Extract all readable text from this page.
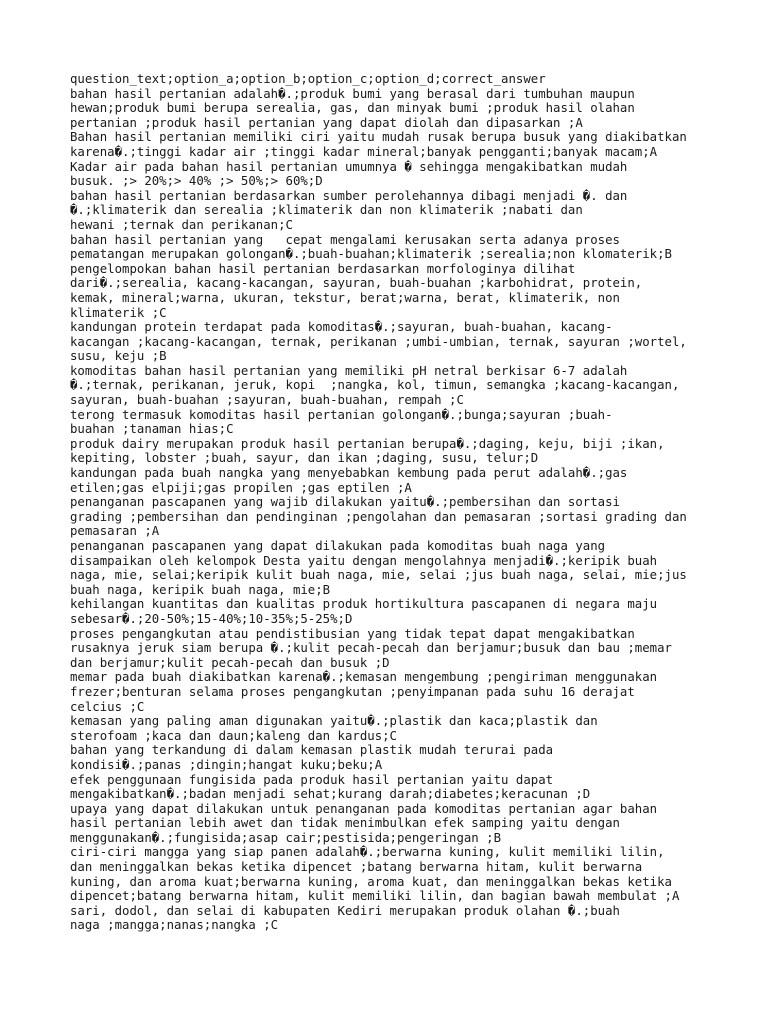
question_text;option_a;option_b;option_c;option_d;correct_answer
bahan hasil pertanian adalah�.;produk bumi yang berasal dari tumbuhan maupun
hewan;produk bumi berupa serealia, gas, dan minyak bumi ;produk hasil olahan
pertanian ;produk hasil pertanian yang dapat diolah dan dipasarkan ;A
Bahan hasil pertanian memiliki ciri yaitu mudah rusak berupa busuk yang diakibatkan
karena�.;tinggi kadar air ;tinggi kadar mineral;banyak pengganti;banyak macam;A
Kadar air pada bahan hasil pertanian umumnya � sehingga mengakibatkan mudah
busuk. ;> 20%;> 40% ;> 50%;> 60%;D
bahan hasil pertanian berdasarkan sumber perolehannya dibagi menjadi �. dan
�.;klimaterik dan serealia ;klimaterik dan non klimaterik ;nabati dan
hewani ;ternak dan perikanan;C
bahan hasil pertanian yang   cepat mengalami kerusakan serta adanya proses
pematangan merupakan golongan�.;buah-buahan;klimaterik ;serealia;non klomaterik;B
pengelompokan bahan hasil pertanian berdasarkan morfologinya dilihat
dari�.;serealia, kacang-kacangan, sayuran, buah-buahan ;karbohidrat, protein,
kemak, mineral;warna, ukuran, tekstur, berat;warna, berat, klimaterik, non
klimaterik ;C
kandungan protein terdapat pada komoditas�.;sayuran, buah-buahan, kacang-
kacangan ;kacang-kacangan, ternak, perikanan ;umbi-umbian, ternak, sayuran ;wortel,
susu, keju ;B
komoditas bahan hasil pertanian yang memiliki pH netral berkisar 6-7 adalah
�.;ternak, perikanan, jeruk, kopi  ;nangka, kol, timun, semangka ;kacang-kacangan,
sayuran, buah-buahan ;sayuran, buah-buahan, rempah ;C
terong termasuk komoditas hasil pertanian golongan�.;bunga;sayuran ;buah-
buahan ;tanaman hias;C
produk dairy merupakan produk hasil pertanian berupa�.;daging, keju, biji ;ikan,
kepiting, lobster ;buah, sayur, dan ikan ;daging, susu, telur;D
kandungan pada buah nangka yang menyebabkan kembung pada perut adalah�.;gas
etilen;gas elpiji;gas propilen ;gas eptilen ;A
penanganan pascapanen yang wajib dilakukan yaitu�.;pembersihan dan sortasi
grading ;pembersihan dan pendinginan ;pengolahan dan pemasaran ;sortasi grading dan
pemasaran ;A
penanganan pascapanen yang dapat dilakukan pada komoditas buah naga yang
disampaikan oleh kelompok Desta yaitu dengan mengolahnya menjadi�.;keripik buah
naga, mie, selai;keripik kulit buah naga, mie, selai ;jus buah naga, selai, mie;jus
buah naga, keripik buah naga, mie;B
kehilangan kuantitas dan kualitas produk hortikultura pascapanen di negara maju
sebesar�.;20-50%;15-40%;10-35%;5-25%;D
proses pengangkutan atau pendistibusian yang tidak tepat dapat mengakibatkan
rusaknya jeruk siam berupa �.;kulit pecah-pecah dan berjamur;busuk dan bau ;memar
dan berjamur;kulit pecah-pecah dan busuk ;D
memar pada buah diakibatkan karena�.;kemasan mengembung ;pengiriman menggunakan
frezer;benturan selama proses pengangkutan ;penyimpanan pada suhu 16 derajat
celcius ;C
kemasan yang paling aman digunakan yaitu�.;plastik dan kaca;plastik dan
sterofoam ;kaca dan daun;kaleng dan kardus;C
bahan yang terkandung di dalam kemasan plastik mudah terurai pada
kondisi�.;panas ;dingin;hangat kuku;beku;A
efek penggunaan fungisida pada produk hasil pertanian yaitu dapat
mengakibatkan�.;badan menjadi sehat;kurang darah;diabetes;keracunan ;D
upaya yang dapat dilakukan untuk penanganan pada komoditas pertanian agar bahan
hasil pertanian lebih awet dan tidak menimbulkan efek samping yaitu dengan
menggunakan�.;fungisida;asap cair;pestisida;pengeringan ;B
ciri-ciri mangga yang siap panen adalah�.;berwarna kuning, kulit memiliki lilin,
dan meninggalkan bekas ketika dipencet ;batang berwarna hitam, kulit berwarna
kuning, dan aroma kuat;berwarna kuning, aroma kuat, dan meninggalkan bekas ketika
dipencet;batang berwarna hitam, kulit memiliki lilin, dan bagian bawah membulat ;A
sari, dodol, dan selai di kabupaten Kediri merupakan produk olahan �.;buah
naga ;mangga;nanas;nangka ;C
